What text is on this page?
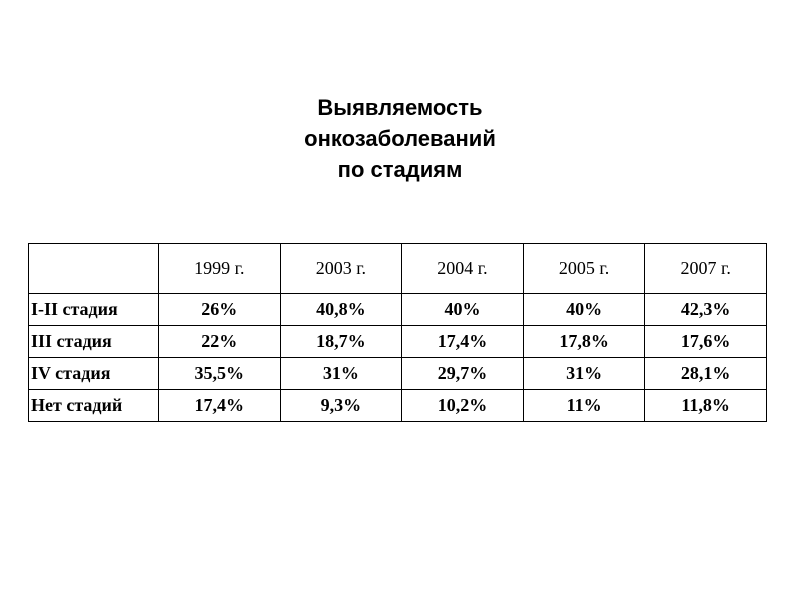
Выявляемость
онкозаболеваний
по стадиям
	1999 г.	2003 г.	2004 г.	2005 г.	2007 г.
I-II стадия	26%	40,8%	40%	40%	42,3%
III стадия	22%	18,7%	17,4%	17,8%	17,6%
IV стадия	35,5%	31%	29,7%	31%	28,1%
Нет стадий	17,4%	9,3%	10,2%	11%	11,8%
